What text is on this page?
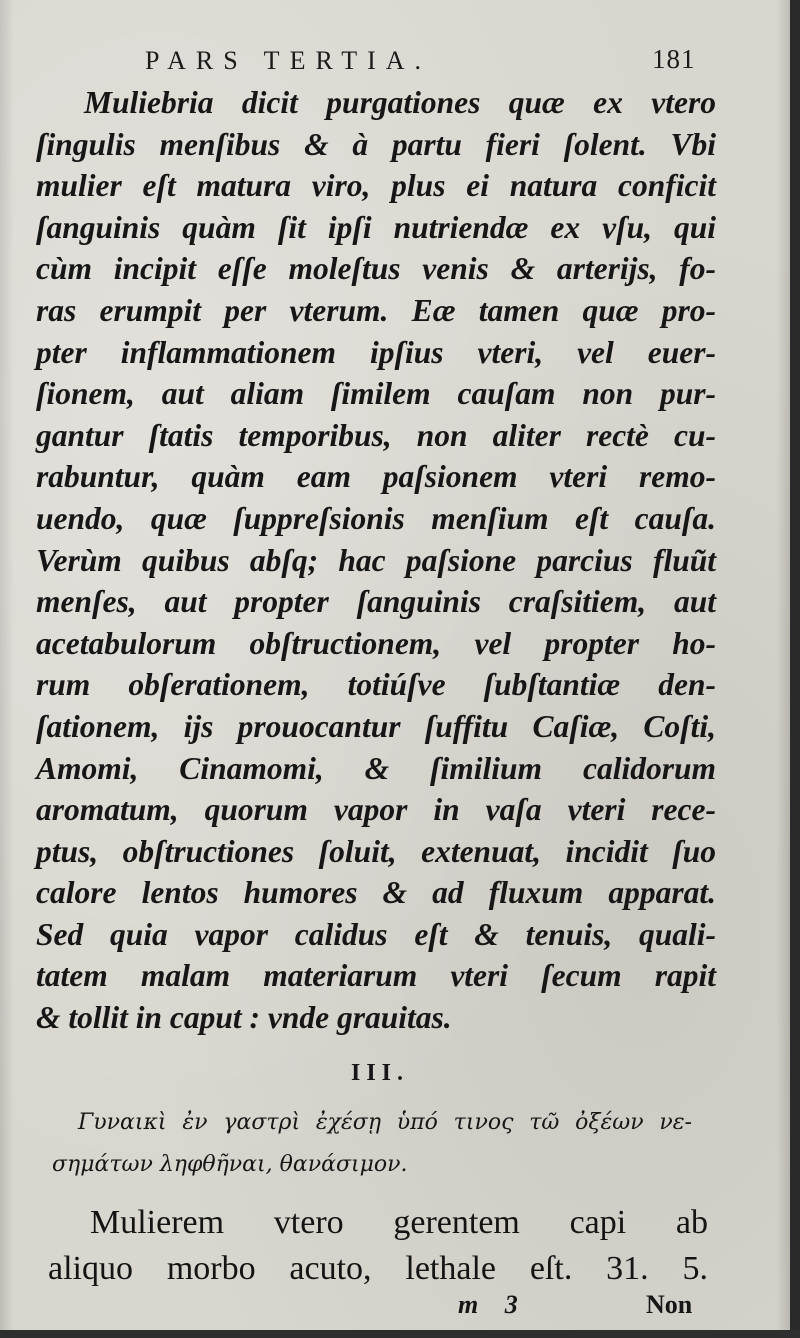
PARS TERTIA.	181
Muliebria dicit purgationes quæ ex vtero
ſingulis menſibus & à partu fieri ſolent. Vbi
mulier eſt matura viro, plus ei natura conficit
ſanguinis quàm ſit ipſi nutriendæ ex vſu, qui
cùm incipit eſſe moleſtus venis & arterijs, fo-
ras erumpit per vterum. Eæ tamen quæ pro-
pter inflammationem ipſius vteri, vel euer-
ſionem, aut aliam ſimilem cauſam non pur-
gantur ſtatis temporibus, non aliter rectè cu-
rabuntur, quàm eam paſsionem vteri remo-
uendo, quæ ſuppreſsionis menſium eſt cauſa.
Verùm quibus abſq; hac paſsione parcius fluũt
menſes, aut propter ſanguinis craſsitiem, aut
acetabulorum obſtructionem, vel propter ho-
rum obſerationem, totiúſve ſubſtantiæ den-
ſationem, ijs prouocantur ſuffitu Caſiæ, Coſti,
Amomi, Cinamomi, & ſimilium calidorum
aromatum, quorum vapor in vaſa vteri rece-
ptus, obſtructiones ſoluit, extenuat, incidit ſuo
calore lentos humores & ad fluxum apparat.
Sed quia vapor calidus eſt & tenuis, quali-
tatem malam materiarum vteri ſecum rapit
& tollit in caput : vnde grauitas.
III.
Γυναικὶ ἐν γαστρὶ ἐχέσῃ ὑπό τινος τῶ ὀξέων νε-
σημάτων ληφθῆναι, θανάσιμον.
Mulierem vtero gerentem capi ab
aliquo morbo acuto, lethale eſt. 31. 5.
m 3	Non
